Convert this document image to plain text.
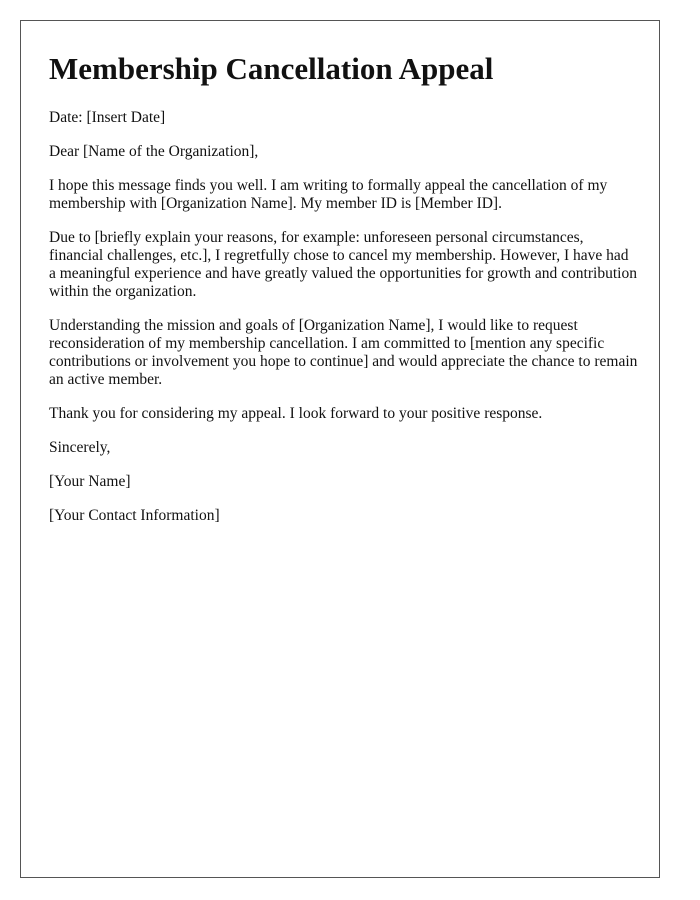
Membership Cancellation Appeal

Date: [Insert Date]

Dear [Name of the Organization],

I hope this message finds you well. I am writing to formally appeal the cancellation of my membership with [Organization Name]. My member ID is [Member ID].

Due to [briefly explain your reasons, for example: unforeseen personal circumstances, financial challenges, etc.], I regretfully chose to cancel my membership. However, I have had a meaningful experience and have greatly valued the opportunities for growth and contribution within the organization.

Understanding the mission and goals of [Organization Name], I would like to request reconsideration of my membership cancellation. I am committed to [mention any specific contributions or involvement you hope to continue] and would appreciate the chance to remain an active member.

Thank you for considering my appeal. I look forward to your positive response.

Sincerely,

[Your Name]

[Your Contact Information]
